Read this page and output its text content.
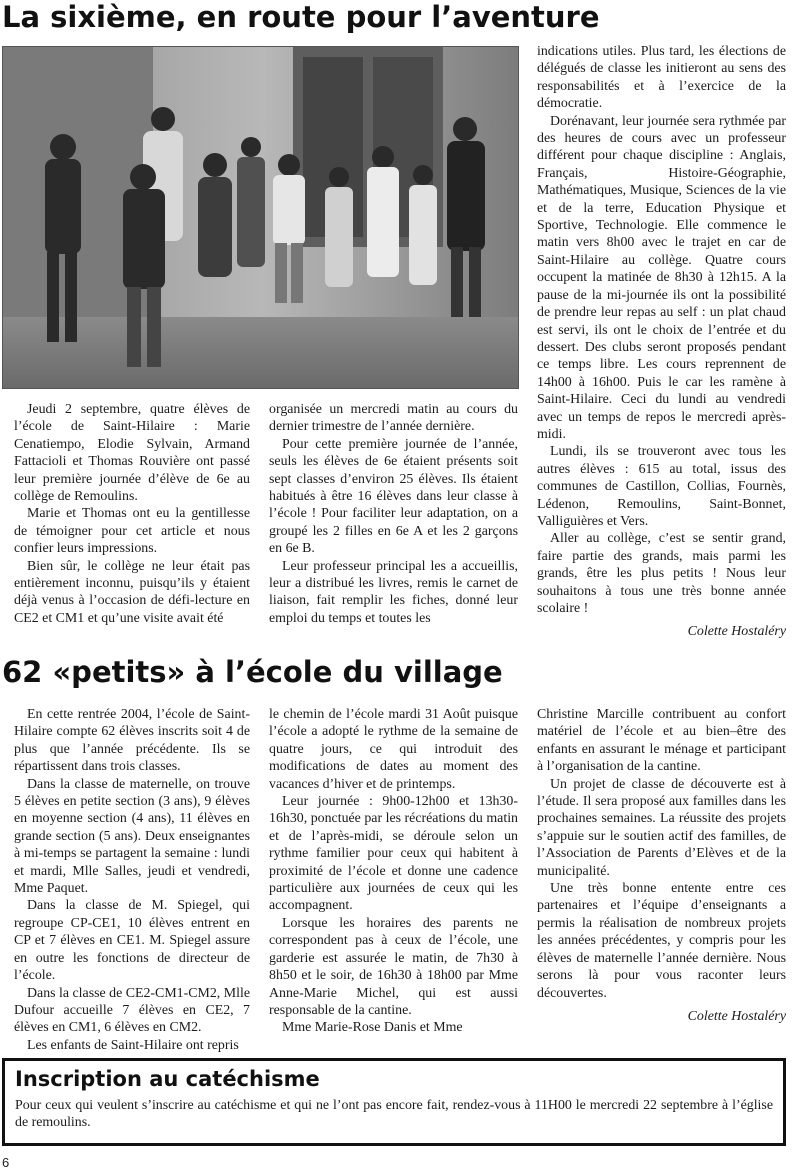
La sixième, en route pour l’aventure

Jeudi 2 septembre, quatre élèves de l’école de Saint-Hilaire : Marie Cenatiempo, Elodie Sylvain, Armand Fattacioli et Thomas Rouvière ont passé leur première journée d’élève de 6e au collège de Remoulins.

Marie et Thomas ont eu la gentillesse de témoigner pour cet article et nous confier leurs impressions.

Bien sûr, le collège ne leur était pas entièrement inconnu, puisqu’ils y étaient déjà venus à l’occasion de défi-lecture en CE2 et CM1 et qu’une visite avait été

organisée un mercredi matin au cours du dernier trimestre de l’année dernière.

Pour cette première journée de l’année, seuls les élèves de 6e étaient présents soit sept classes d’environ 25 élèves. Ils étaient habitués à être 16 élèves dans leur classe à l’école ! Pour faciliter leur adaptation, on a groupé les 2 filles en 6e A et les 2 garçons en 6e B.

Leur professeur principal les a accueillis, leur a distribué les livres, remis le carnet de liaison, fait remplir les fiches, donné leur emploi du temps et toutes les

indications utiles. Plus tard, les élections de délégués de classe les initieront au sens des responsabilités et à l’exercice de la démocratie.

Dorénavant, leur journée sera rythmée par des heures de cours avec un professeur différent pour chaque discipline : Anglais, Français, Histoire-Géographie, Mathématiques, Musique, Sciences de la vie et de la terre, Education Physique et Sportive, Technologie. Elle commence le matin vers 8h00 avec le trajet en car de Saint-Hilaire au collège. Quatre cours occupent la matinée de 8h30 à 12h15. A la pause de la mi-journée ils ont la possibilité de prendre leur repas au self : un plat chaud est servi, ils ont le choix de l’entrée et du dessert. Des clubs seront proposés pendant ce temps libre. Les cours reprennent de 14h00 à 16h00. Puis le car les ramène à Saint-Hilaire. Ceci du lundi au vendredi avec un temps de repos le mercredi après-midi.

Lundi, ils se trouveront avec tous les autres élèves : 615 au total, issus des communes de Castillon, Collias, Fournès, Lédenon, Remoulins, Saint-Bonnet, Valliguières et Vers.

Aller au collège, c’est se sentir grand, faire partie des grands, mais parmi les grands, être les plus petits ! Nous leur souhaitons à tous une très bonne année scolaire !

Colette Hostaléry

62 «petits» à l’école du village

En cette rentrée 2004, l’école de Saint-Hilaire compte 62 élèves inscrits soit 4 de plus que l’année précédente. Ils se répartissent dans trois classes.

Dans la classe de maternelle, on trouve 5 élèves en petite section (3 ans), 9 élèves en moyenne section (4 ans), 11 élèves en grande section (5 ans). Deux enseignantes à mi-temps se partagent la semaine : lundi et mardi, Mlle Salles, jeudi et vendredi, Mme Paquet.

Dans la classe de M. Spiegel, qui regroupe CP-CE1, 10 élèves entrent en CP et 7 élèves en CE1. M. Spiegel assure en outre les fonctions de directeur de l’école.

Dans la classe de CE2-CM1-CM2, Mlle Dufour accueille 7 élèves en CE2, 7 élèves en CM1, 6 élèves en CM2.

Les enfants de Saint-Hilaire ont repris

le chemin de l’école mardi 31 Août puisque l’école a adopté le rythme de la semaine de quatre jours, ce qui introduit des modifications de dates au moment des vacances d’hiver et de printemps.

Leur journée : 9h00-12h00 et 13h30-16h30, ponctuée par les récréations du matin et de l’après-midi, se déroule selon un rythme familier pour ceux qui habitent à proximité de l’école et donne une cadence particulière aux journées de ceux qui les accompagnent.

Lorsque les horaires des parents ne correspondent pas à ceux de l’école, une garderie est assurée le matin, de 7h30 à 8h50 et le soir, de 16h30 à 18h00 par Mme Anne-Marie Michel, qui est aussi responsable de la cantine.

Mme Marie-Rose Danis et Mme

Christine Marcille contribuent au confort matériel de l’école et au bien–être des enfants en assurant le ménage et participant à l’organisation de la cantine.

Un projet de classe de découverte est à l’étude. Il sera proposé aux familles dans les prochaines semaines. La réussite des projets s’appuie sur le soutien actif des familles, de l’Association de Parents d’Elèves et de la municipalité.

Une très bonne entente entre ces partenaires et l’équipe d’enseignants a permis la réalisation de nombreux projets les années précédentes, y compris pour les élèves de maternelle l’année dernière. Nous serons là pour vous raconter leurs découvertes.

Colette Hostaléry

Inscription au catéchisme
Pour ceux qui veulent s’inscrire au catéchisme et qui ne l’ont pas encore fait, rendez-vous à 11H00 le mercredi 22 septembre à l’église de remoulins.
6
